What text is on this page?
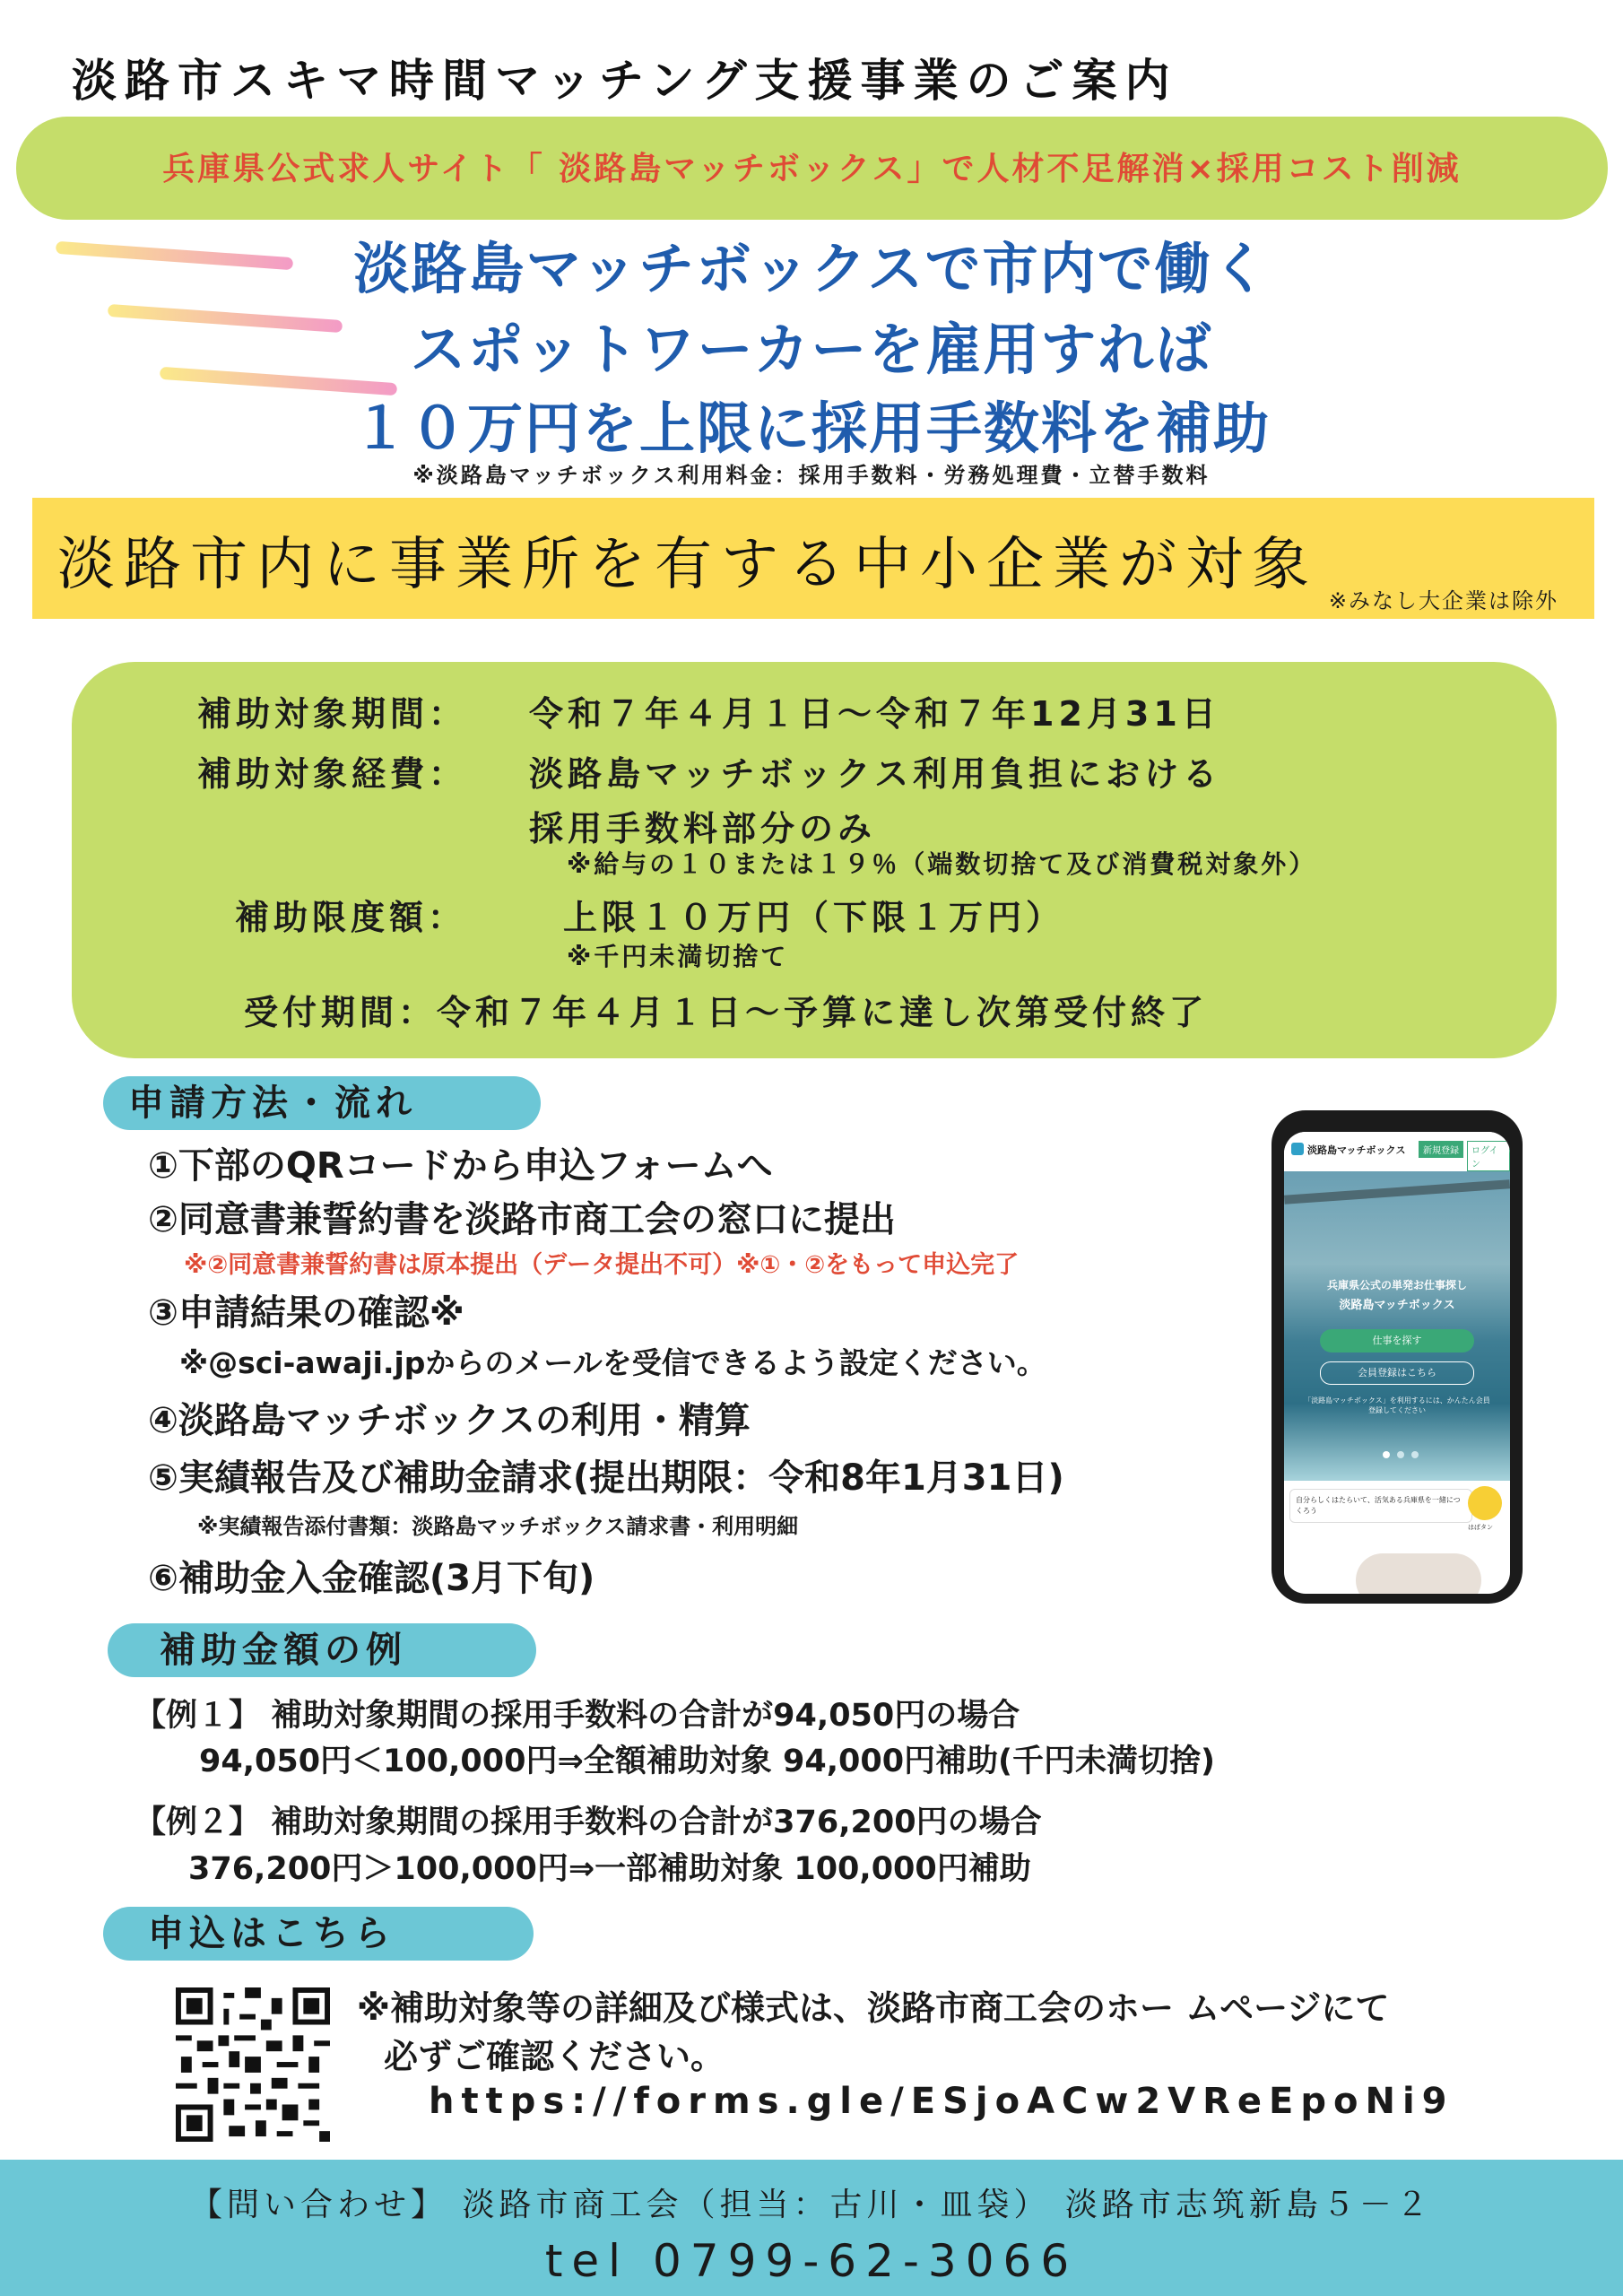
淡路市スキマ時間マッチング支援事業のご案内
兵庫県公式求人サイト「 淡路島マッチボックス」で人材不足解消×採用コスト削減
淡路島マッチボックスで市内で働く
スポットワーカーを雇用すれば
１０万円を上限に採用手数料を補助
※淡路島マッチボックス利用料金：採用手数料・労務処理費・立替手数料
淡路市内に事業所を有する中小企業が対象
※みなし大企業は除外
補助対象期間： 令和７年４月１日～令和７年12月31日
補助対象経費： 淡路島マッチボックス利用負担における
採用手数料部分のみ
※給与の１０または１９％（端数切捨て及び消費税対象外）
補助限度額：	上限１０万円（下限１万円）
※千円未満切捨て
受付期間：令和７年４月１日～予算に達し次第受付終了
申請方法・流れ
①下部のQRコードから申込フォームへ
②同意書兼誓約書を淡路市商工会の窓口に提出
※②同意書兼誓約書は原本提出（データ提出不可）※①・②をもって申込完了
③申請結果の確認※
※@sci-awaji.jpからのメールを受信できるよう設定ください。
④淡路島マッチボックスの利用・精算
⑤実績報告及び補助金請求(提出期限：令和8年1月31日)
※実績報告添付書類：淡路島マッチボックス請求書・利用明細
⑥補助金入金確認(3月下旬)
淡路島マッチボックス	新規登録	ログイン
兵庫県公式の単発お仕事探し
淡路島マッチボックス
仕事を探す
会員登録はこちら
「淡路島マッチボックス」を利用するには、かんたん会員登録してください
自分らしくはたらいて、活気ある兵庫県を一緒につくろう
はばタン
補助金額の例
【例１】 補助対象期間の採用手数料の合計が94,050円の場合
94,050円＜100,000円⇒全額補助対象 94,000円補助(千円未満切捨)
【例２】 補助対象期間の採用手数料の合計が376,200円の場合
376,200円＞100,000円⇒一部補助対象 100,000円補助
申込はこちら
※補助対象等の詳細及び様式は、淡路市商工会のホー ムページにて
必ずご確認ください。
https://forms.gle/ESjoACw2VReEpoNi9
【問い合わせ】 淡路市商工会（担当：古川・皿袋） 淡路市志筑新島５－２
tel 0799-62-3066
